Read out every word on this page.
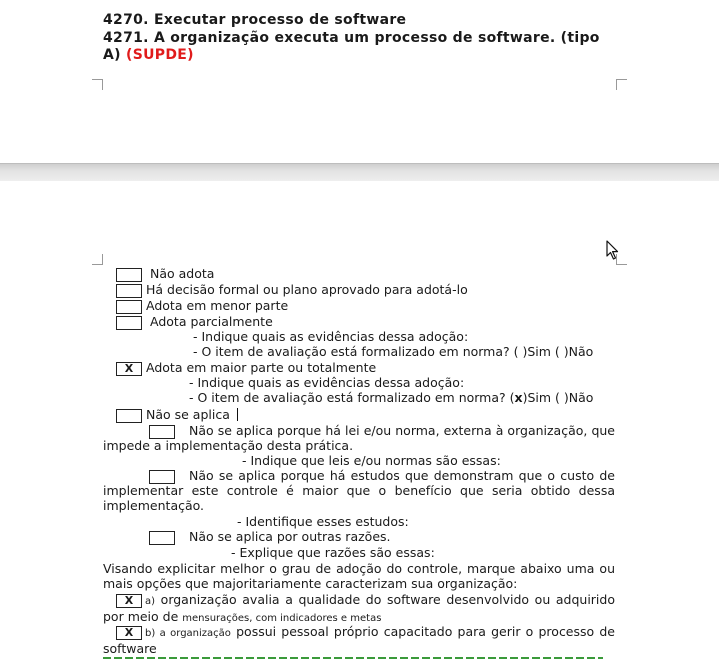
4270. Executar processo de software
4271. A organização executa um processo de software. (tipo
A) (SUPDE)
Não adota
Há decisão formal ou plano aprovado para adotá-lo
Adota em menor parte
Adota parcialmente
- Indique quais as evidências dessa adoção:
- O item de avaliação está formalizado em norma? ( )Sim ( )Não
X	Adota em maior parte ou totalmente
- Indique quais as evidências dessa adoção:
- O item de avaliação está formalizado em norma? (x)Sim ( )Não
Não se aplica
Não se aplica porque há lei e/ou norma, externa à organização, que impede a implementação desta prática.
- Indique que leis e/ou normas são essas:
Não se aplica porque há estudos que demonstram que o custo de implementar este controle é maior que o benefício que seria obtido dessa implementação.
- Identifique esses estudos:
Não se aplica por outras razões.
- Explique que razões são essas:
Visando explicitar melhor o grau de adoção do controle, marque abaixo uma ou mais opções que majoritariamente caracterizam sua organização:
X	a) organização avalia a qualidade do software desenvolvido ou adquirido por meio de mensurações, com indicadores e metas
X	b) a organização possui pessoal próprio capacitado para gerir o processo de software
